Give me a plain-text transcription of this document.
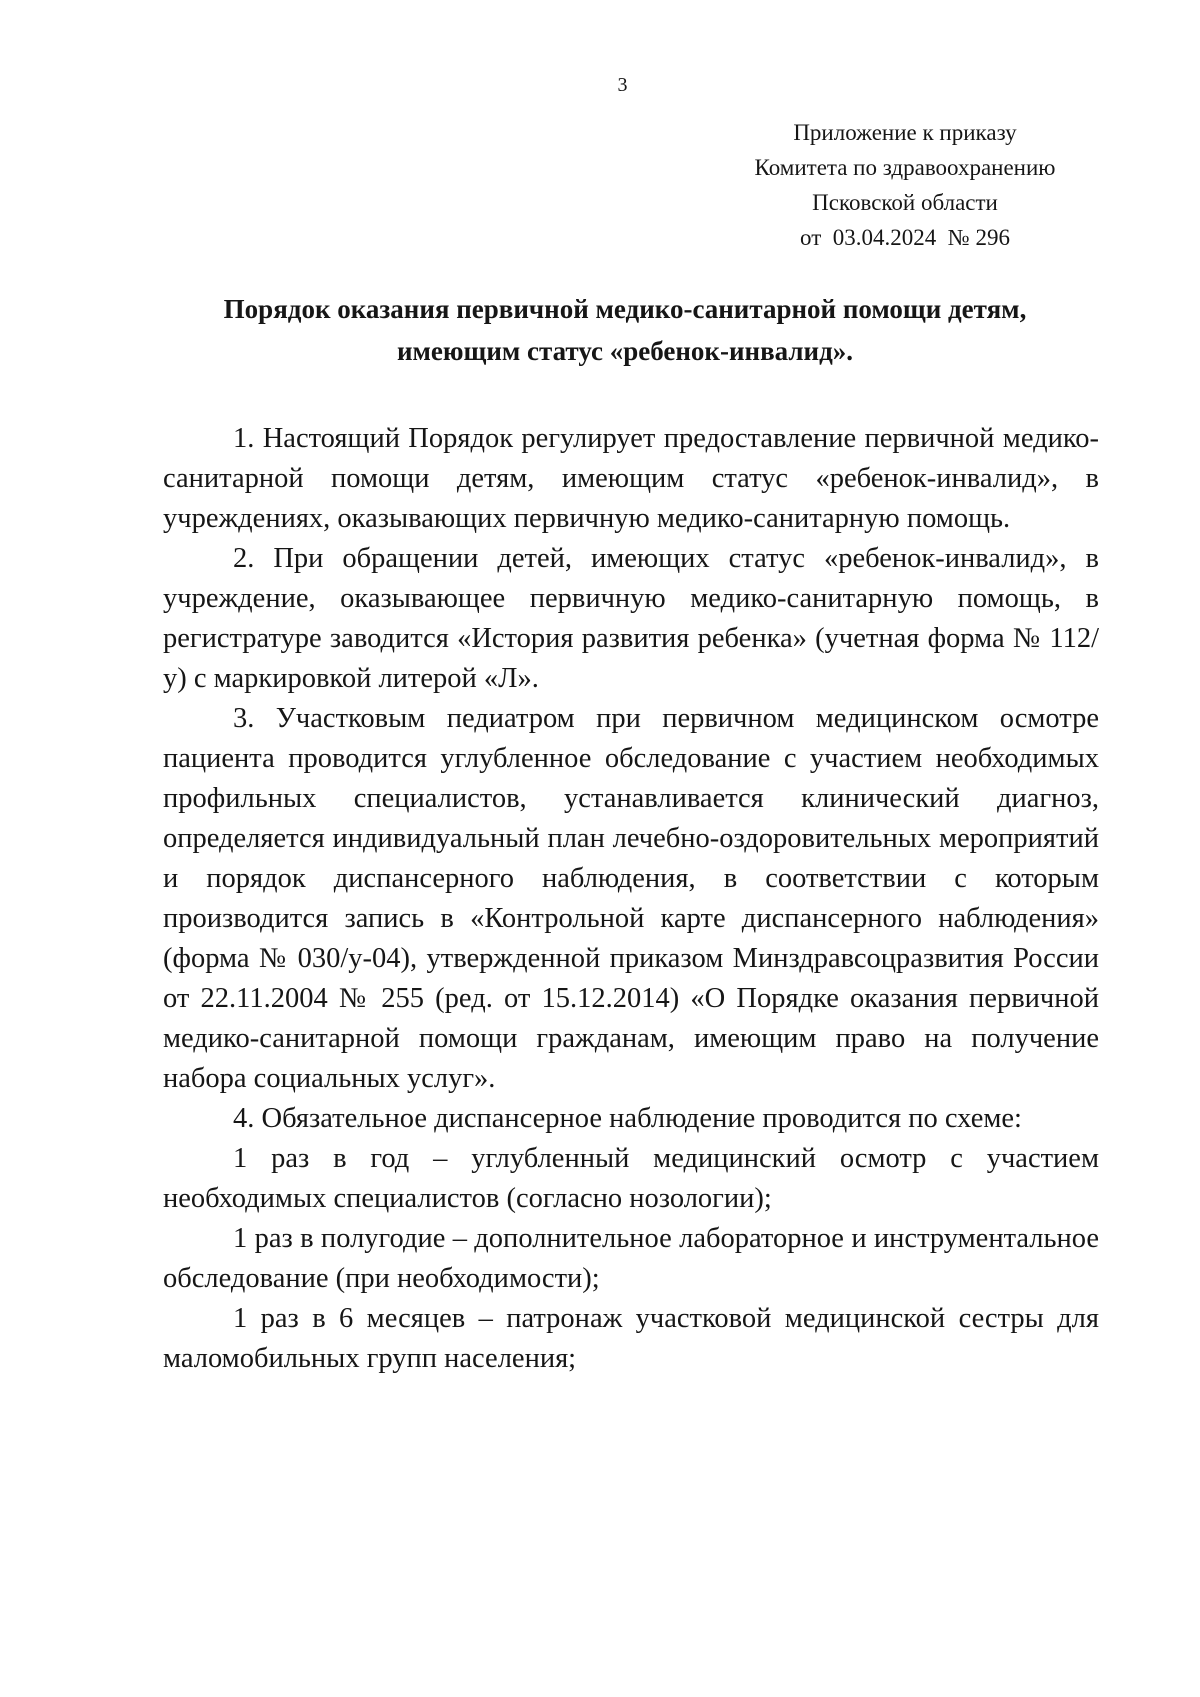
3
Приложение к приказу
Комитета по здравоохранению
Псковской области
от  03.04.2024  № 296
Порядок оказания первичной медико-санитарной помощи детям,
имеющим статус «ребенок-инвалид».

1. Настоящий Порядок регулирует предоставление первичной медико-санитарной помощи детям, имеющим статус «ребенок-инвалид», в учреждениях, оказывающих первичную медико-санитарную помощь.

2. При обращении детей, имеющих статус «ребенок-инвалид», в учреждение, оказывающее первичную медико-санитарную помощь, в регистратуре заводится «История развития ребенка» (учетная форма № 112/у) с маркировкой литерой «Л».

3. Участковым педиатром при первичном медицинском осмотре пациента проводится углубленное обследование с участием необходимых профильных специалистов, устанавливается клинический диагноз, определяется индивидуальный план лечебно-оздоровительных мероприятий и порядок диспансерного наблюдения, в соответствии с которым производится запись в «Контрольной карте диспансерного наблюдения» (форма № 030/у-04), утвержденной приказом Минздравсоцразвития России от 22.11.2004 № 255 (ред. от 15.12.2014) «О Порядке оказания первичной медико-санитарной помощи гражданам, имеющим право на получение набора социальных услуг».

4. Обязательное диспансерное наблюдение проводится по схеме:

1 раз в год – углубленный медицинский осмотр с участием необходимых специалистов (согласно нозологии);

1 раз в полугодие – дополнительное лабораторное и инструментальное обследование (при необходимости);

1 раз в 6 месяцев – патронаж участковой медицинской сестры для маломобильных групп населения;
